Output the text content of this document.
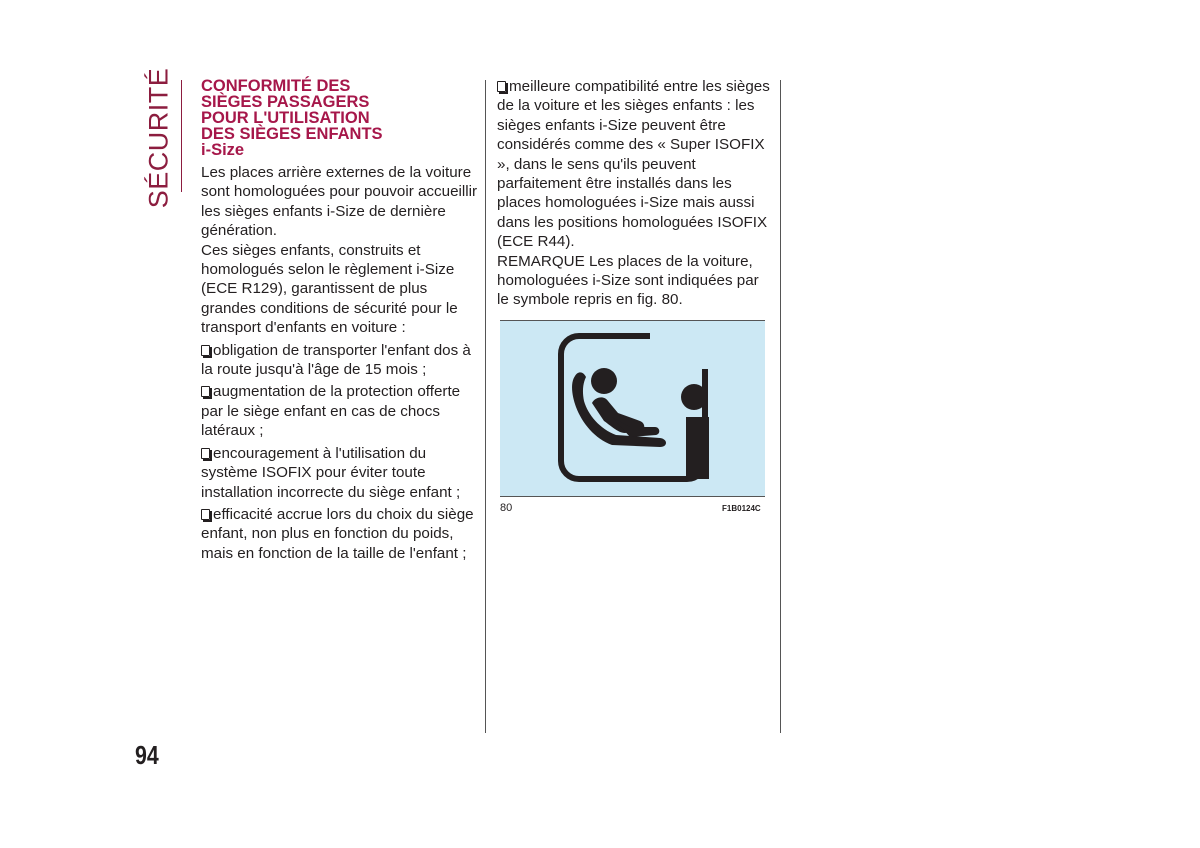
SÉCURITÉ CONFORMITÉ DES
SIÈGES PASSAGERS
POUR L'UTILISATION
DES SIÈGES ENFANTS
i-Size

Les places arrière externes de la voiture sont homologuées pour pouvoir accueillir les sièges enfants i-Size de dernière génération.

Ces sièges enfants, construits et homologués selon le règlement i-Size (ECE R129), garantissent de plus grandes conditions de sécurité pour le transport d'enfants en voiture :

obligation de transporter l'enfant dos à la route jusqu'à l'âge de 15 mois ;

augmentation de la protection offerte par le siège enfant en cas de chocs latéraux ;

encouragement à l'utilisation du système ISOFIX pour éviter toute installation incorrecte du siège enfant ;

efficacité accrue lors du choix du siège enfant, non plus en fonction du poids, mais en fonction de la taille de l'enfant ;

meilleure compatibilité entre les sièges de la voiture et les sièges enfants : les sièges enfants i-Size peuvent être considérés comme des « Super ISOFIX », dans le sens qu'ils peuvent parfaitement être installés dans les places homologuées i-Size mais aussi dans les positions homologuées ISOFIX (ECE R44).

REMARQUE Les places de la voiture, homologuées i-Size sont indiquées par le symbole repris en fig. 80.

80	F1B0124C
94
